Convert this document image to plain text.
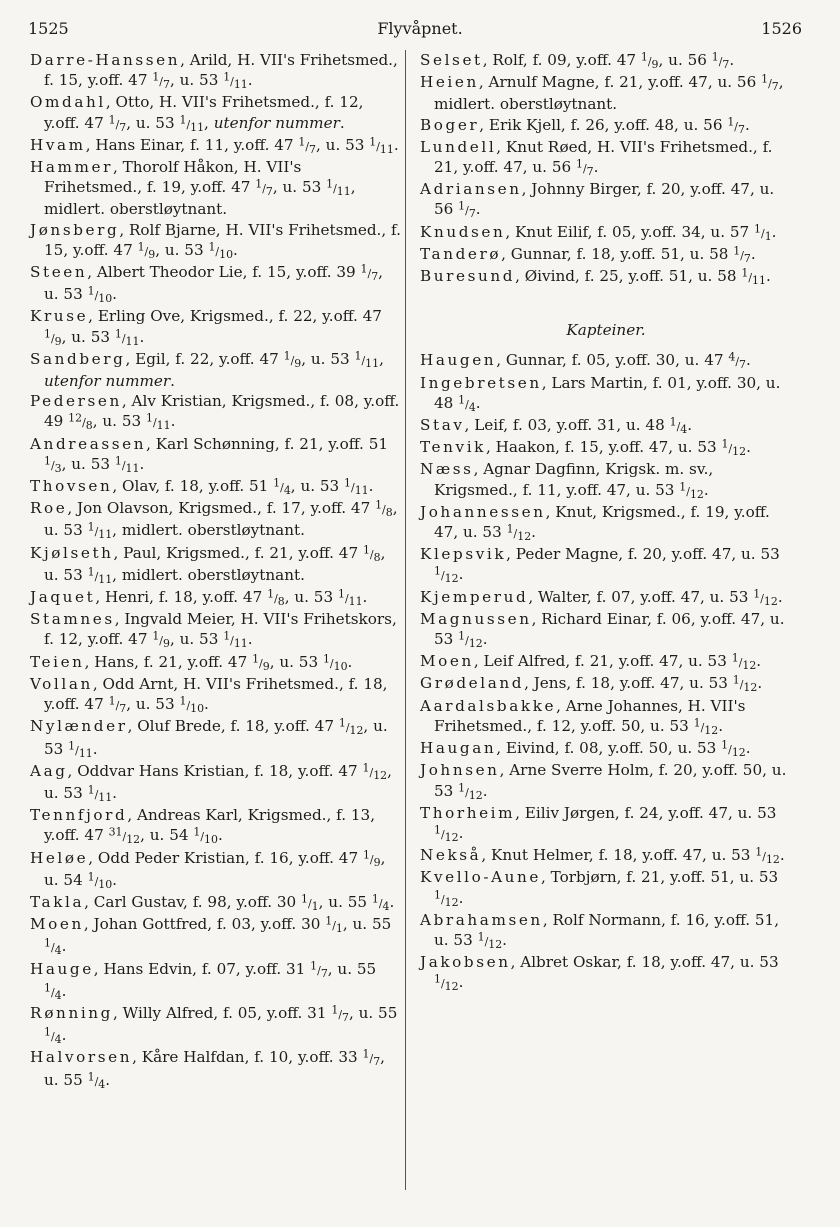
1525	Flyvåpnet.	1526

Darre-Hanssen, Arild, H. VII's Frihetsmed., f. 15, y.off. 47 $^1/_7$, u. 53 $^1/_{11}$.

Omdahl, Otto, H. VII's Frihetsmed., f. 12, y.off. 47 $^1/_7$, u. 53 $^1/_{11}$, utenfor nummer.

Hvam, Hans Einar, f. 11, y.off. 47 $^1/_7$, u. 53 $^1/_{11}$.

Hammer, Thorolf Håkon, H. VII's Frihetsmed., f. 19, y.off. 47 $^1/_7$, u. 53 $^1/_{11}$, midlert. oberstløytnant.

Jønsberg, Rolf Bjarne, H. VII's Frihetsmed., f. 15, y.off. 47 $^1/_9$, u. 53 $^1/_{10}$.

Steen, Albert Theodor Lie, f. 15, y.off. 39 $^1/_7$, u. 53 $^1/_{10}$.

Kruse, Erling Ove, Krigsmed., f. 22, y.off. 47 $^1/_9$, u. 53 $^1/_{11}$.

Sandberg, Egil, f. 22, y.off. 47 $^1/_9$, u. 53 $^1/_{11}$, utenfor nummer.

Pedersen, Alv Kristian, Krigsmed., f. 08, y.off. 49 $^{12}/_8$, u. 53 $^1/_{11}$.

Andreassen, Karl Schønning, f. 21, y.off. 51 $^1/_3$, u. 53 $^1/_{11}$.

Thovsen, Olav, f. 18, y.off. 51 $^1/_4$, u. 53 $^1/_{11}$.

Roe, Jon Olavson, Krigsmed., f. 17, y.off. 47 $^1/_8$, u. 53 $^1/_{11}$, midlert. oberstløytnant.

Kjølseth, Paul, Krigsmed., f. 21, y.off. 47 $^1/_8$, u. 53 $^1/_{11}$, midlert. oberstløytnant.

Jaquet, Henri, f. 18, y.off. 47 $^1/_8$, u. 53 $^1/_{11}$.

Stamnes, Ingvald Meier, H. VII's Frihetskors, f. 12, y.off. 47 $^1/_9$, u. 53 $^1/_{11}$.

Teien, Hans, f. 21, y.off. 47 $^1/_9$, u. 53 $^1/_{10}$.

Vollan, Odd Arnt, H. VII's Frihetsmed., f. 18, y.off. 47 $^1/_7$, u. 53 $^1/_{10}$.

Nylænder, Oluf Brede, f. 18, y.off. 47 $^1/_{12}$, u. 53 $^1/_{11}$.

Aag, Oddvar Hans Kristian, f. 18, y.off. 47 $^1/_{12}$, u. 53 $^1/_{11}$.

Tennfjord, Andreas Karl, Krigsmed., f. 13, y.off. 47 $^{31}/_{12}$, u. 54 $^1/_{10}$.

Heløe, Odd Peder Kristian, f. 16, y.off. 47 $^1/_9$, u. 54 $^1/_{10}$.

Takla, Carl Gustav, f. 98, y.off. 30 $^1/_1$, u. 55 $^1/_4$.

Moen, Johan Gottfred, f. 03, y.off. 30 $^1/_1$, u. 55 $^1/_4$.

Hauge, Hans Edvin, f. 07, y.off. 31 $^1/_7$, u. 55 $^1/_4$.

Rønning, Willy Alfred, f. 05, y.off. 31 $^1/_7$, u. 55 $^1/_4$.

Halvorsen, Kåre Halfdan, f. 10, y.off. 33 $^1/_7$, u. 55 $^1/_4$.

Selset, Rolf, f. 09, y.off. 47 $^1/_9$, u. 56 $^1/_7$.

Heien, Arnulf Magne, f. 21, y.off. 47, u. 56 $^1/_7$, midlert. oberstløytnant.

Boger, Erik Kjell, f. 26, y.off. 48, u. 56 $^1/_7$.

Lundell, Knut Røed, H. VII's Frihetsmed., f. 21, y.off. 47, u. 56 $^1/_7$.

Adriansen, Johnny Birger, f. 20, y.off. 47, u. 56 $^1/_7$.

Knudsen, Knut Eilif, f. 05, y.off. 34, u. 57 $^1/_1$.

Tanderø, Gunnar, f. 18, y.off. 51, u. 58 $^1/_7$.

Buresund, Øivind, f. 25, y.off. 51, u. 58 $^1/_{11}$.

Kapteiner.

Haugen, Gunnar, f. 05, y.off. 30, u. 47 $^4/_7$.

Ingebretsen, Lars Martin, f. 01, y.off. 30, u. 48 $^1/_4$.

Stav, Leif, f. 03, y.off. 31, u. 48 $^1/_4$.

Tenvik, Haakon, f. 15, y.off. 47, u. 53 $^1/_{12}$.

Næss, Agnar Dagfinn, Krigsk. m. sv., Krigsmed., f. 11, y.off. 47, u. 53 $^1/_{12}$.

Johannessen, Knut, Krigsmed., f. 19, y.off. 47, u. 53 $^1/_{12}$.

Klepsvik, Peder Magne, f. 20, y.off. 47, u. 53 $^1/_{12}$.

Kjemperud, Walter, f. 07, y.off. 47, u. 53 $^1/_{12}$.

Magnussen, Richard Einar, f. 06, y.off. 47, u. 53 $^1/_{12}$.

Moen, Leif Alfred, f. 21, y.off. 47, u. 53 $^1/_{12}$.

Grødeland, Jens, f. 18, y.off. 47, u. 53 $^1/_{12}$.

Aardalsbakke, Arne Johannes, H. VII's Frihetsmed., f. 12, y.off. 50, u. 53 $^1/_{12}$.

Haugan, Eivind, f. 08, y.off. 50, u. 53 $^1/_{12}$.

Johnsen, Arne Sverre Holm, f. 20, y.off. 50, u. 53 $^1/_{12}$.

Thorheim, Eiliv Jørgen, f. 24, y.off. 47, u. 53 $^1/_{12}$.

Nekså, Knut Helmer, f. 18, y.off. 47, u. 53 $^1/_{12}$.

Kvello-Aune, Torbjørn, f. 21, y.off. 51, u. 53 $^1/_{12}$.

Abrahamsen, Rolf Normann, f. 16, y.off. 51, u. 53 $^1/_{12}$.

Jakobsen, Albret Oskar, f. 18, y.off. 47, u. 53 $^1/_{12}$.
